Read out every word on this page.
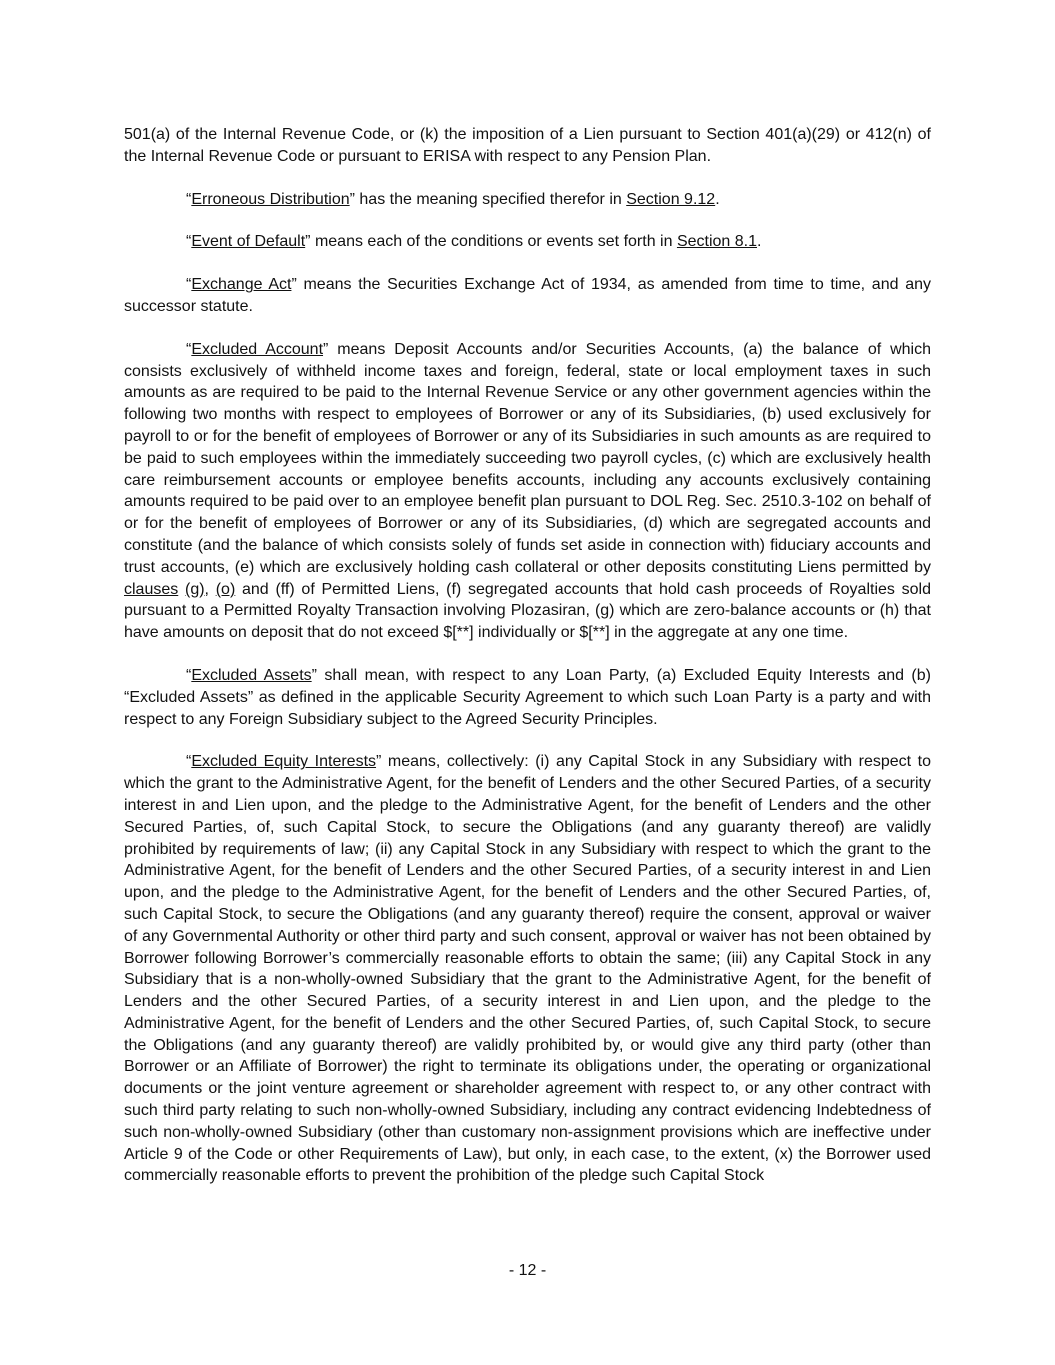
501(a) of the Internal Revenue Code, or (k) the imposition of a Lien pursuant to Section 401(a)(29) or 412(n) of the Internal Revenue Code or pursuant to ERISA with respect to any Pension Plan.

“Erroneous Distribution” has the meaning specified therefor in Section 9.12.

“Event of Default” means each of the conditions or events set forth in Section 8.1.

“Exchange Act” means the Securities Exchange Act of 1934, as amended from time to time, and any successor statute.

“Excluded Account” means Deposit Accounts and/or Securities Accounts, (a) the balance of which consists exclusively of withheld income taxes and foreign, federal, state or local employment taxes in such amounts as are required to be paid to the Internal Revenue Service or any other government agencies within the following two months with respect to employees of Borrower or any of its Subsidiaries, (b) used exclusively for payroll to or for the benefit of employees of Borrower or any of its Subsidiaries in such amounts as are required to be paid to such employees within the immediately succeeding two payroll cycles, (c) which are exclusively health care reimbursement accounts or employee benefits accounts, including any accounts exclusively containing amounts required to be paid over to an employee benefit plan pursuant to DOL Reg. Sec. 2510.3-102 on behalf of or for the benefit of employees of Borrower or any of its Subsidiaries, (d) which are segregated accounts and constitute (and the balance of which consists solely of funds set aside in connection with) fiduciary accounts and trust accounts, (e) which are exclusively holding cash collateral or other deposits constituting Liens permitted by clauses (g), (o) and (ff) of Permitted Liens, (f) segregated accounts that hold cash proceeds of Royalties sold pursuant to a Permitted Royalty Transaction involving Plozasiran, (g) which are zero-balance accounts or (h) that have amounts on deposit that do not exceed $[**] individually or $[**] in the aggregate at any one time.

“Excluded Assets” shall mean, with respect to any Loan Party, (a) Excluded Equity Interests and (b) “Excluded Assets” as defined in the applicable Security Agreement to which such Loan Party is a party and with respect to any Foreign Subsidiary subject to the Agreed Security Principles.

“Excluded Equity Interests” means, collectively: (i) any Capital Stock in any Subsidiary with respect to which the grant to the Administrative Agent, for the benefit of Lenders and the other Secured Parties, of a security interest in and Lien upon, and the pledge to the Administrative Agent, for the benefit of Lenders and the other Secured Parties, of, such Capital Stock, to secure the Obligations (and any guaranty thereof) are validly prohibited by requirements of law; (ii) any Capital Stock in any Subsidiary with respect to which the grant to the Administrative Agent, for the benefit of Lenders and the other Secured Parties, of a security interest in and Lien upon, and the pledge to the Administrative Agent, for the benefit of Lenders and the other Secured Parties, of, such Capital Stock, to secure the Obligations (and any guaranty thereof) require the consent, approval or waiver of any Governmental Authority or other third party and such consent, approval or waiver has not been obtained by Borrower following Borrower’s commercially reasonable efforts to obtain the same; (iii) any Capital Stock in any Subsidiary that is a non-wholly-owned Subsidiary that the grant to the Administrative Agent, for the benefit of Lenders and the other Secured Parties, of a security interest in and Lien upon, and the pledge to the Administrative Agent, for the benefit of Lenders and the other Secured Parties, of, such Capital Stock, to secure the Obligations (and any guaranty thereof) are validly prohibited by, or would give any third party (other than Borrower or an Affiliate of Borrower) the right to terminate its obligations under, the operating or organizational documents or the joint venture agreement or shareholder agreement with respect to, or any other contract with such third party relating to such non-wholly-owned Subsidiary, including any contract evidencing Indebtedness of such non-wholly-owned Subsidiary (other than customary non-assignment provisions which are ineffective under Article 9 of the Code or other Requirements of Law), but only, in each case, to the extent, (x) the Borrower used commercially reasonable efforts to prevent the prohibition of the pledge such Capital Stock

- 12 -
